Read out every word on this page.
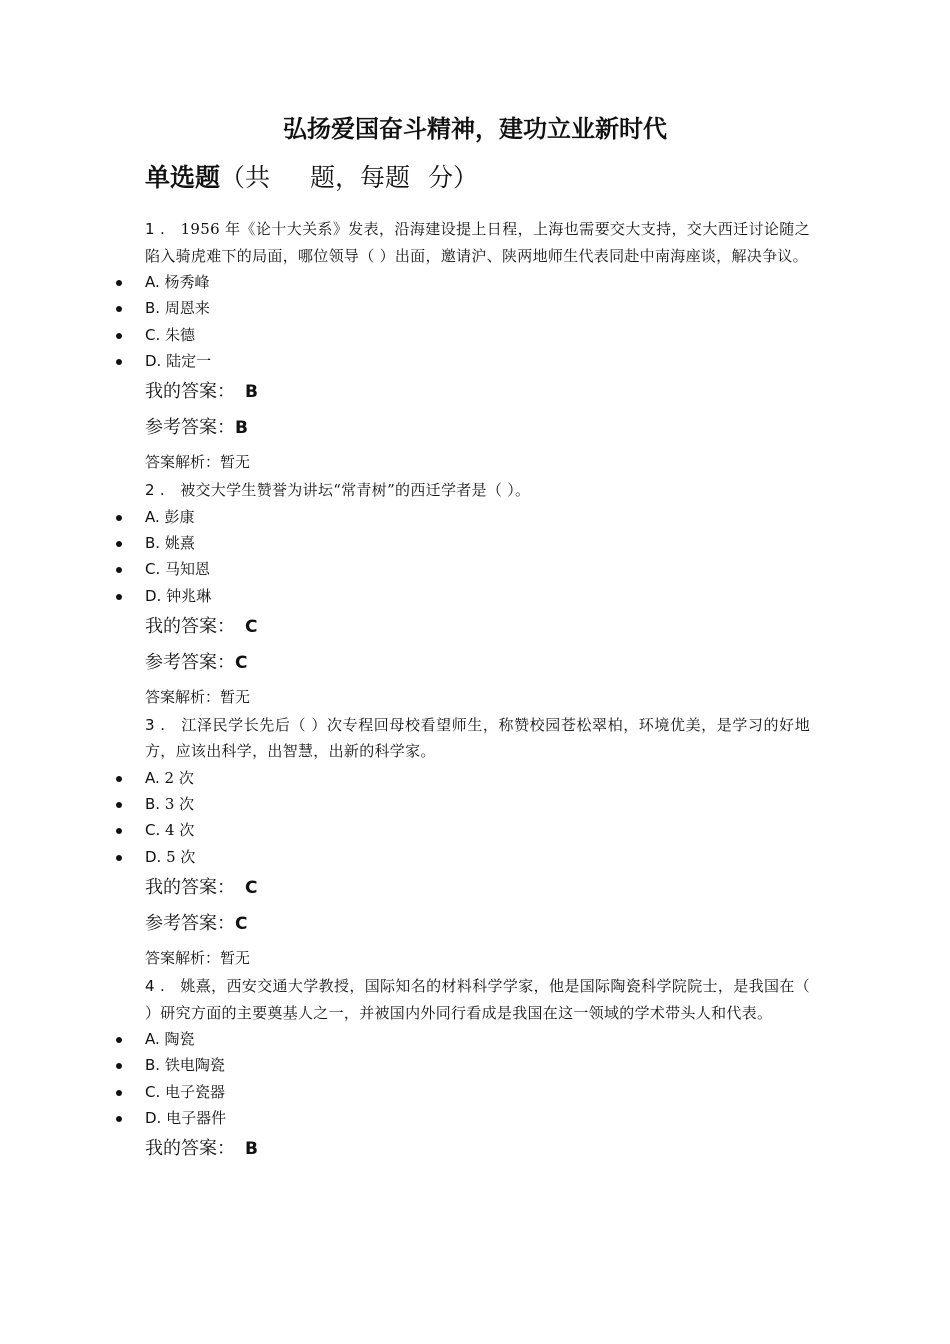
弘扬爱国奋斗精神，建功立业新时代
单选题（共 题，每题 分）
1 . 1956 年《论十大关系》发表，沿海建设提上日程，上海也需要交大支持，交大西迁讨论随之陷入骑虎难下的局面，哪位领导（ ）出面，邀请沪、陕两地师生代表同赴中南海座谈，解决争议。
A. 杨秀峰
B. 周恩来
C. 朱德
D. 陆定一
我的答案： B
参考答案：B
答案解析：暂无
2 . 被交大学生赞誉为讲坛“常青树”的西迁学者是（ ）。
A. 彭康
B. 姚熹
C. 马知恩
D. 钟兆琳
我的答案： C
参考答案：C
答案解析：暂无
3 . 江泽民学长先后（ ）次专程回母校看望师生，称赞校园苍松翠柏，环境优美，是学习的好地方，应该出科学，出智慧，出新的科学家。
A. 2 次
B. 3 次
C. 4 次
D. 5 次
我的答案： C
参考答案：C
答案解析：暂无
4 . 姚熹，西安交通大学教授，国际知名的材料科学学家，他是国际陶瓷科学院院士，是我国在（ ）研究方面的主要奠基人之一，并被国内外同行看成是我国在这一领域的学术带头人和代表。
A. 陶瓷
B. 铁电陶瓷
C. 电子瓷器
D. 电子器件
我的答案： B
